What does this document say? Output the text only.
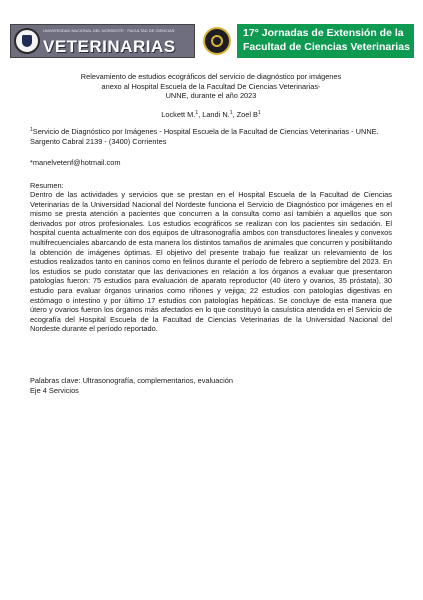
UNIVERSIDAD NACIONAL DEL NORDESTE · FACULTAD DE CIENCIAS
VETERINARIAS
17° Jornadas de Extensión de la
Facultad de Ciencias Veterinarias
Relevamiento de estudios ecográficos del servicio de diagnóstico por imágenes
anexo al Hospital Escuela de la Facultad De Ciencias Veterinarias-
UNNE, durante el año 2023
Lockett M.$^1$, Landi N.$^1$, Zoel $B^1$
$^1$Servicio de Diagnóstico por Imágenes - Hospital Escuela de la Facultad de Ciencias Veterinarias - UNNE. Sargento Cabral 2139 - (3400) Corrientes
*manelvetenf@hotmail.com
Resumen:

Dentro de las actividades y servicios que se prestan en el Hospital Escuela de la Facultad de Ciencias Veterinarias de la Universidad Nacional del Nordeste funciona el Servicio de Diagnóstico por imágenes en el mismo se presta atención a pacientes que concurren a la consulta como así también a aquellos que son derivados por otros profesionales. Los estudios ecográficos se realizan con los pacientes sin sedación. El hospital cuenta actualmente con dos equipos de ultrasonografía ambos con transductores lineales y convexos multifrecuenciales abarcando de esta manera los distintos tamaños de animales que concurren y posibilitando la obtención de imágenes óptimas. El objetivo del presente trabajo fue realizar un relevamiento de los estudios realizados tanto en caninos como en felinos durante el período de febrero a septiembre del 2023. En los estudios se pudo constatar que las derivaciones en relación a los órganos a evaluar que presentaron patologías fueron: 75 estudios para evaluación de aparato reproductor (40 útero y ovarios, 35 próstata), 30 estudio para evaluar órganos urinarios como riñones y vejiga; 22 estudios con patologías digestivas en estómago o intestino y por último 17 estudios con patologías hepáticas. Se concluye de esta manera que útero y ovarios fueron los órganos más afectados en lo que constituyó la casuística atendida en el Servicio de ecografía del Hospital Escuela de la Facultad de Ciencias Veterinarias de la Universidad Nacional del Nordeste durante el período reportado.

Palabras clave: Ultrasonografía, complementarios, evaluación
Eje 4 Servicios
